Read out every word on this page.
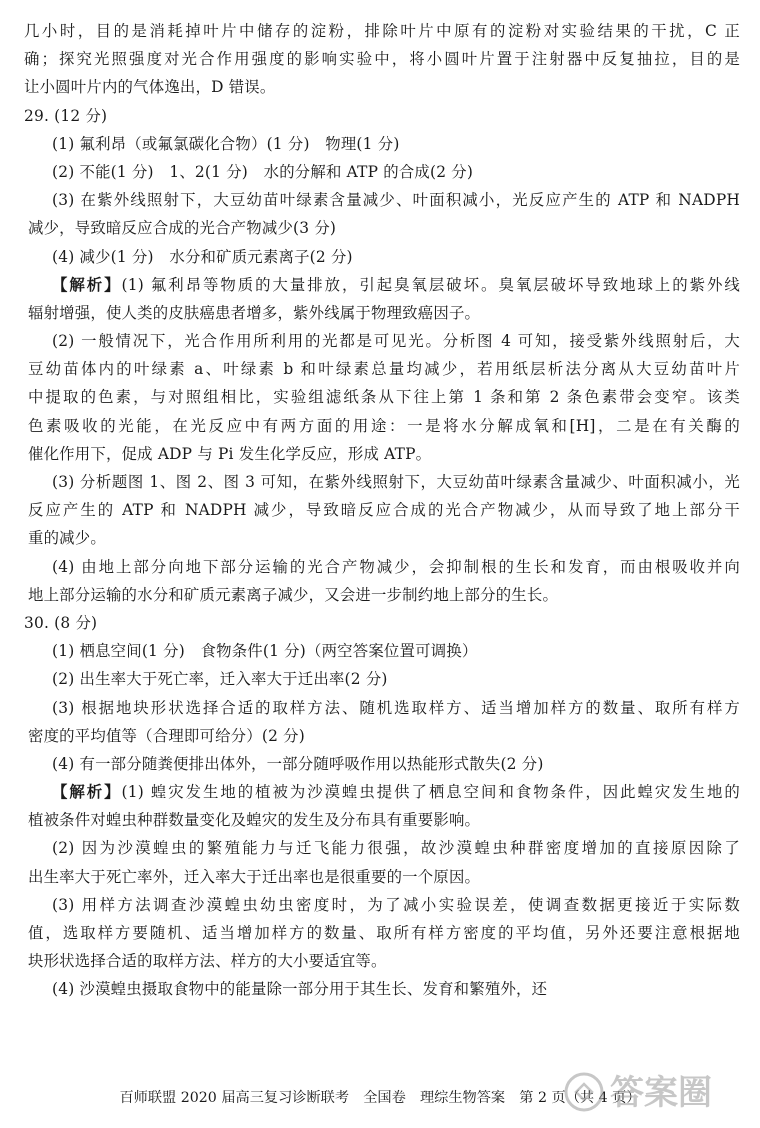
几小时，目的是消耗掉叶片中储存的淀粉，排除叶片中原有的淀粉对实验结果的干扰，C 正
确；探究光照强度对光合作用强度的影响实验中，将小圆叶片置于注射器中反复抽拉，目的是
让小圆叶片内的气体逸出，D 错误。
29. (12 分)
(1) 氟利昂（或氟氯碳化合物）(1 分)　物理(1 分)
(2) 不能(1 分)　1、2(1 分)　水的分解和 ATP 的合成(2 分)
(3) 在紫外线照射下，大豆幼苗叶绿素含量减少、叶面积减小，光反应产生的 ATP 和 NADPH
减少，导致暗反应合成的光合产物减少(3 分)
(4) 减少(1 分)　水分和矿质元素离子(2 分)
【解析】(1) 氟利昂等物质的大量排放，引起臭氧层破坏。臭氧层破坏导致地球上的紫外线
辐射增强，使人类的皮肤癌患者增多，紫外线属于物理致癌因子。
(2) 一般情况下，光合作用所利用的光都是可见光。分析图 4 可知，接受紫外线照射后，大
豆幼苗体内的叶绿素 a、叶绿素 b 和叶绿素总量均减少，若用纸层析法分离从大豆幼苗叶片
中提取的色素，与对照组相比，实验组滤纸条从下往上第 1 条和第 2 条色素带会变窄。该类
色素吸收的光能，在光反应中有两方面的用途：一是将水分解成氧和[H]，二是在有关酶的
催化作用下，促成 ADP 与 Pi 发生化学反应，形成 ATP。
(3) 分析题图 1、图 2、图 3 可知，在紫外线照射下，大豆幼苗叶绿素含量减少、叶面积减小，光
反应产生的 ATP 和 NADPH 减少，导致暗反应合成的光合产物减少，从而导致了地上部分干
重的减少。
(4) 由地上部分向地下部分运输的光合产物减少，会抑制根的生长和发育，而由根吸收并向
地上部分运输的水分和矿质元素离子减少，又会进一步制约地上部分的生长。
30. (8 分)
(1) 栖息空间(1 分)　食物条件(1 分)（两空答案位置可调换）
(2) 出生率大于死亡率，迁入率大于迁出率(2 分)
(3) 根据地块形状选择合适的取样方法、随机选取样方、适当增加样方的数量、取所有样方
密度的平均值等（合理即可给分）(2 分)
(4) 有一部分随粪便排出体外，一部分随呼吸作用以热能形式散失(2 分)
【解析】(1) 蝗灾发生地的植被为沙漠蝗虫提供了栖息空间和食物条件，因此蝗灾发生地的
植被条件对蝗虫种群数量变化及蝗灾的发生及分布具有重要影响。
(2) 因为沙漠蝗虫的繁殖能力与迁飞能力很强，故沙漠蝗虫种群密度增加的直接原因除了
出生率大于死亡率外，迁入率大于迁出率也是很重要的一个原因。
(3) 用样方法调查沙漠蝗虫幼虫密度时，为了减小实验误差，使调查数据更接近于实际数
值，选取样方要随机、适当增加样方的数量、取所有样方密度的平均值，另外还要注意根据地
块形状选择合适的取样方法、样方的大小要适宜等。
(4) 沙漠蝗虫摄取食物中的能量除一部分用于其生长、发育和繁殖外，还
百师联盟 2020 届高三复习诊断联考　全国卷　理综生物答案　第 2 页（共 4 页）
答案圈
